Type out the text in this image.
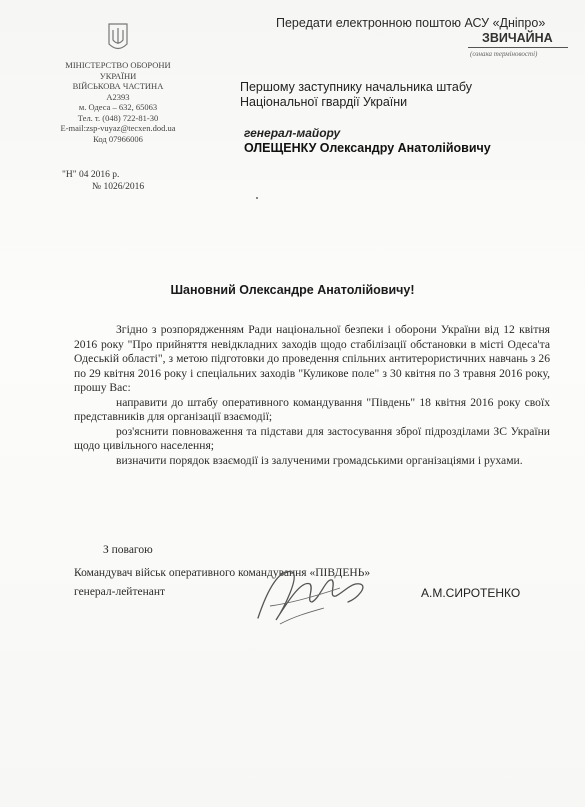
Передати електронною поштою АСУ «Дніпро»
ЗВИЧАЙНА
(ознака терміновості)
МІНІСТЕРСТВО ОБОРОНИ
УКРАЇНИ
ВІЙСЬКОВА ЧАСТИНА
А2393
м. Одеса – 632, 65063
Тел. т. (048) 722-81-30
E-mail:zsp-vuyaz@tecxen.dod.ua
Код 07966006
"Н" 04 2016 р.
№ 1026/2016
Першому заступнику начальника штабу
Національної гвардії України
генерал-майору
ОЛЕЩЕНКУ Олександру Анатолійовичу
Шановний Олександре Анатолійовичу!

Згідно з розпорядженням Ради національної безпеки і оборони України від 12 квітня 2016 року "Про прийняття невідкладних заходів щодо стабілізації обстановки в місті Одеса'та Одеській області", з метою підготовки до проведення спільних антитерористичних навчань з 26 по 29 квітня 2016 року і спеціальних заходів "Куликове поле" з 30 квітня по 3 травня 2016 року, прошу Вас:

направити до штабу оперативного командування "Південь" 18 квітня 2016 року своїх представників для організації взаємодії;

роз'яснити повноваження та підстави для застосування зброї підрозділами ЗС України щодо цивільного населення;

визначити порядок взаємодії із залученими громадськими організаціями і рухами.

З повагою
Командувач військ оперативного командування «ПІВДЕНЬ»
генерал-лейтенант	А.М.СИРОТЕНКО
